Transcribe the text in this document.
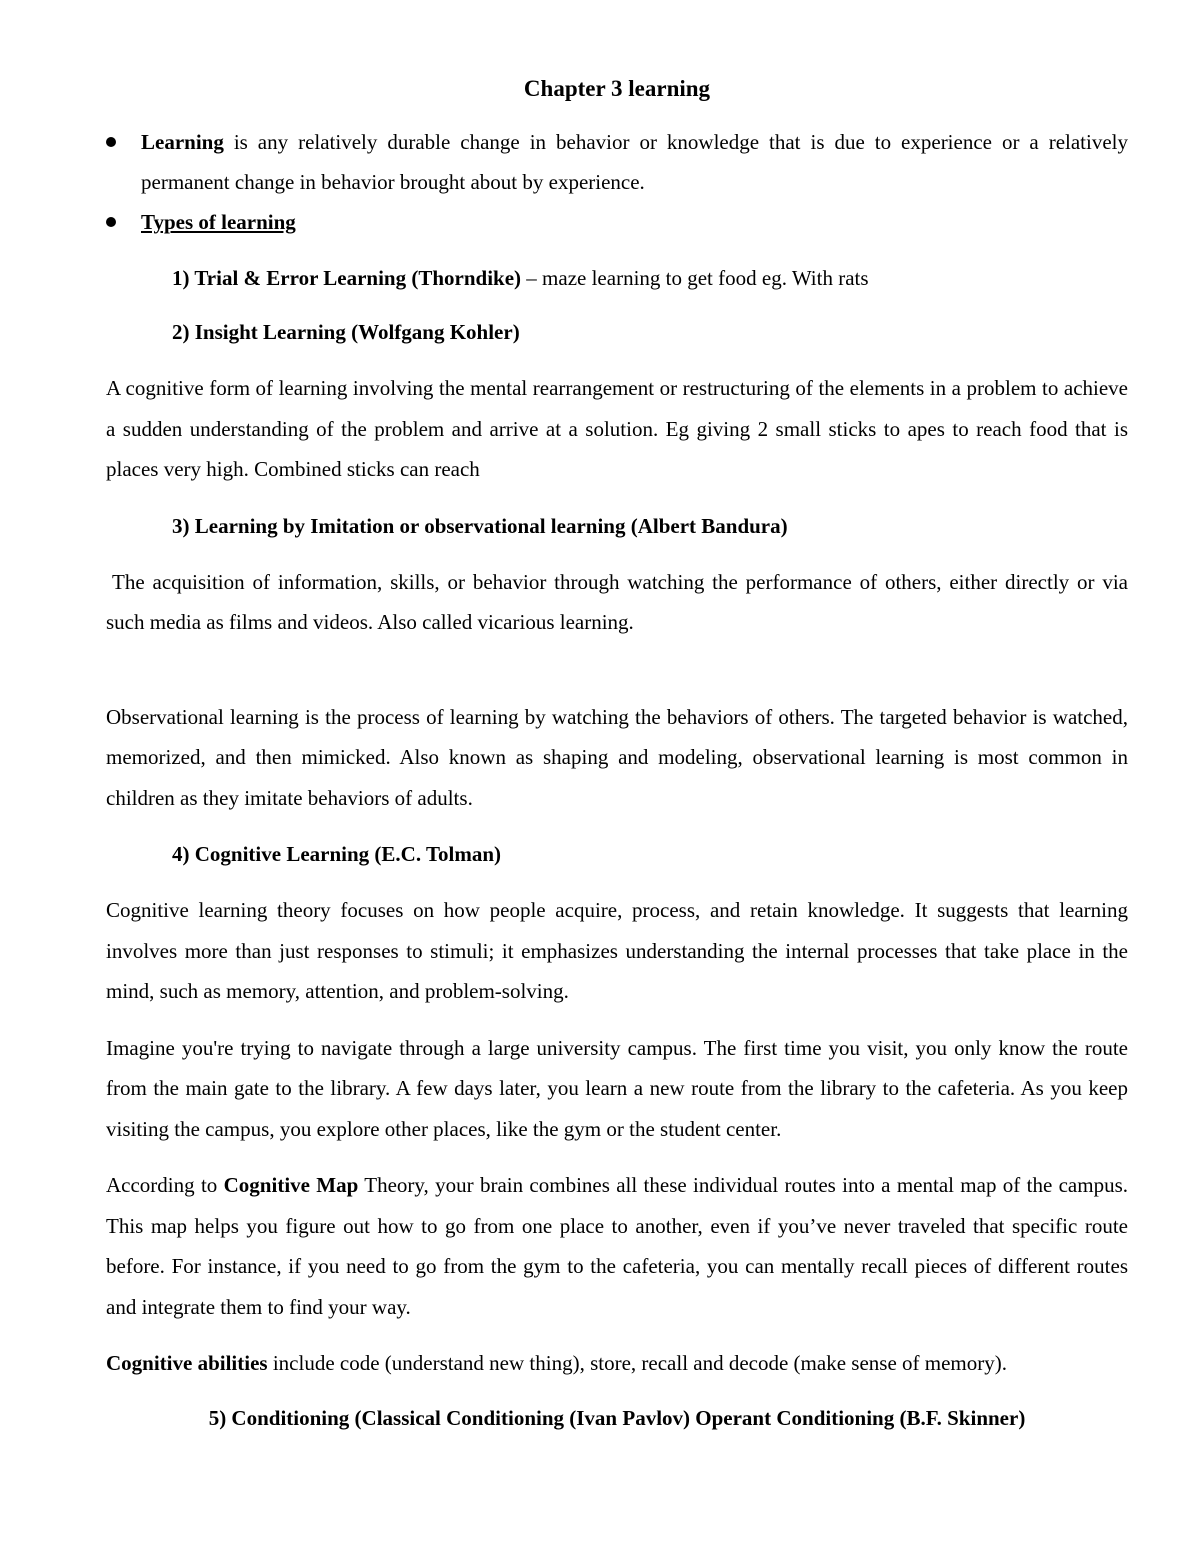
Chapter 3 learning
Learning is any relatively durable change in behavior or knowledge that is due to experience or a relatively permanent change in behavior brought about by experience.
Types of learning
1) Trial & Error Learning (Thorndike) – maze learning to get food eg. With rats
2) Insight Learning (Wolfgang Kohler)

A cognitive form of learning involving the mental rearrangement or restructuring of the elements in a problem to achieve a sudden understanding of the problem and arrive at a solution. Eg giving 2 small sticks to apes to reach food that is places very high. Combined sticks can reach

3) Learning by Imitation or observational learning (Albert Bandura)

The acquisition of information, skills, or behavior through watching the performance of others, either directly or via such media as films and videos. Also called vicarious learning.

Observational learning is the process of learning by watching the behaviors of others. The targeted behavior is watched, memorized, and then mimicked. Also known as shaping and modeling, observational learning is most common in children as they imitate behaviors of adults.

4) Cognitive Learning (E.C. Tolman)

Cognitive learning theory focuses on how people acquire, process, and retain knowledge. It suggests that learning involves more than just responses to stimuli; it emphasizes understanding the internal processes that take place in the mind, such as memory, attention, and problem-solving.

Imagine you're trying to navigate through a large university campus. The first time you visit, you only know the route from the main gate to the library. A few days later, you learn a new route from the library to the cafeteria. As you keep visiting the campus, you explore other places, like the gym or the student center.

According to Cognitive Map Theory, your brain combines all these individual routes into a mental map of the campus. This map helps you figure out how to go from one place to another, even if you’ve never traveled that specific route before. For instance, if you need to go from the gym to the cafeteria, you can mentally recall pieces of different routes and integrate them to find your way.

Cognitive abilities include code (understand new thing), store, recall and decode (make sense of memory).

5) Conditioning (Classical Conditioning (Ivan Pavlov) Operant Conditioning (B.F. Skinner)
